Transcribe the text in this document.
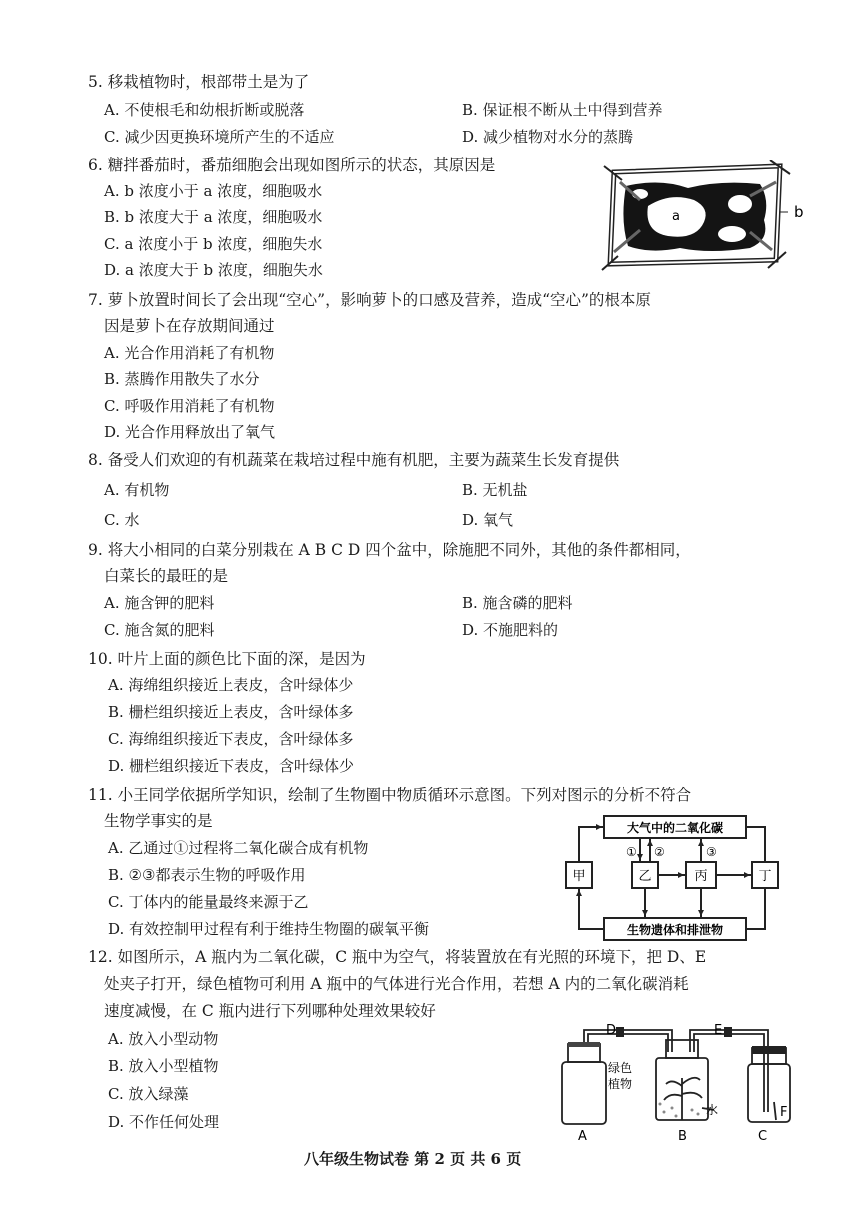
5. 移栽植物时，根部带土是为了
A. 不使根毛和幼根折断或脱落	B. 保证根不断从土中得到营养
C. 减少因更换环境所产生的不适应	D. 减少植物对水分的蒸腾
6. 糖拌番茄时，番茄细胞会出现如图所示的状态，其原因是
A. b 浓度小于 a 浓度，细胞吸水
B. b 浓度大于 a 浓度，细胞吸水
C. a 浓度小于 b 浓度，细胞失水
D. a 浓度大于 b 浓度，细胞失水
a	b
7. 萝卜放置时间长了会出现“空心”，影响萝卜的口感及营养，造成“空心”的根本原
因是萝卜在存放期间通过
A. 光合作用消耗了有机物
B. 蒸腾作用散失了水分
C. 呼吸作用消耗了有机物
D. 光合作用释放出了氧气
8. 备受人们欢迎的有机蔬菜在栽培过程中施有机肥，主要为蔬菜生长发育提供
A. 有机物	B. 无机盐
C. 水	D. 氧气
9. 将大小相同的白菜分别栽在 A B C D 四个盆中，除施肥不同外，其他的条件都相同，
白菜长的最旺的是
A. 施含钾的肥料	B. 施含磷的肥料
C. 施含氮的肥料	D. 不施肥料的
10. 叶片上面的颜色比下面的深，是因为
A. 海绵组织接近上表皮，含叶绿体少
B. 栅栏组织接近上表皮，含叶绿体多
C. 海绵组织接近下表皮，含叶绿体多
D. 栅栏组织接近下表皮，含叶绿体少
11. 小王同学依据所学知识，绘制了生物圈中物质循环示意图。下列对图示的分析不符合
生物学事实的是
A. 乙通过①过程将二氧化碳合成有机物
B. ②③都表示生物的呼吸作用
C. 丁体内的能量最终来源于乙
D. 有效控制甲过程有利于维持生物圈的碳氧平衡
大气中的二氧化碳
生物遗体和排泄物
甲	乙	丙	丁
① ②	③
12. 如图所示，A 瓶内为二氧化碳，C 瓶中为空气，将装置放在有光照的环境下，把 D、E
处夹子打开，绿色植物可利用 A 瓶中的气体进行光合作用，若想 A 内的二氧化碳消耗
速度减慢，在 C 瓶内进行下列哪种处理效果较好
A. 放入小型动物
B. 放入小型植物
C. 放入绿藻
D. 不作任何处理
D	E
F
绿色
植物
水
A	B	C
八年级生物试卷 第 2 页 共 6 页
